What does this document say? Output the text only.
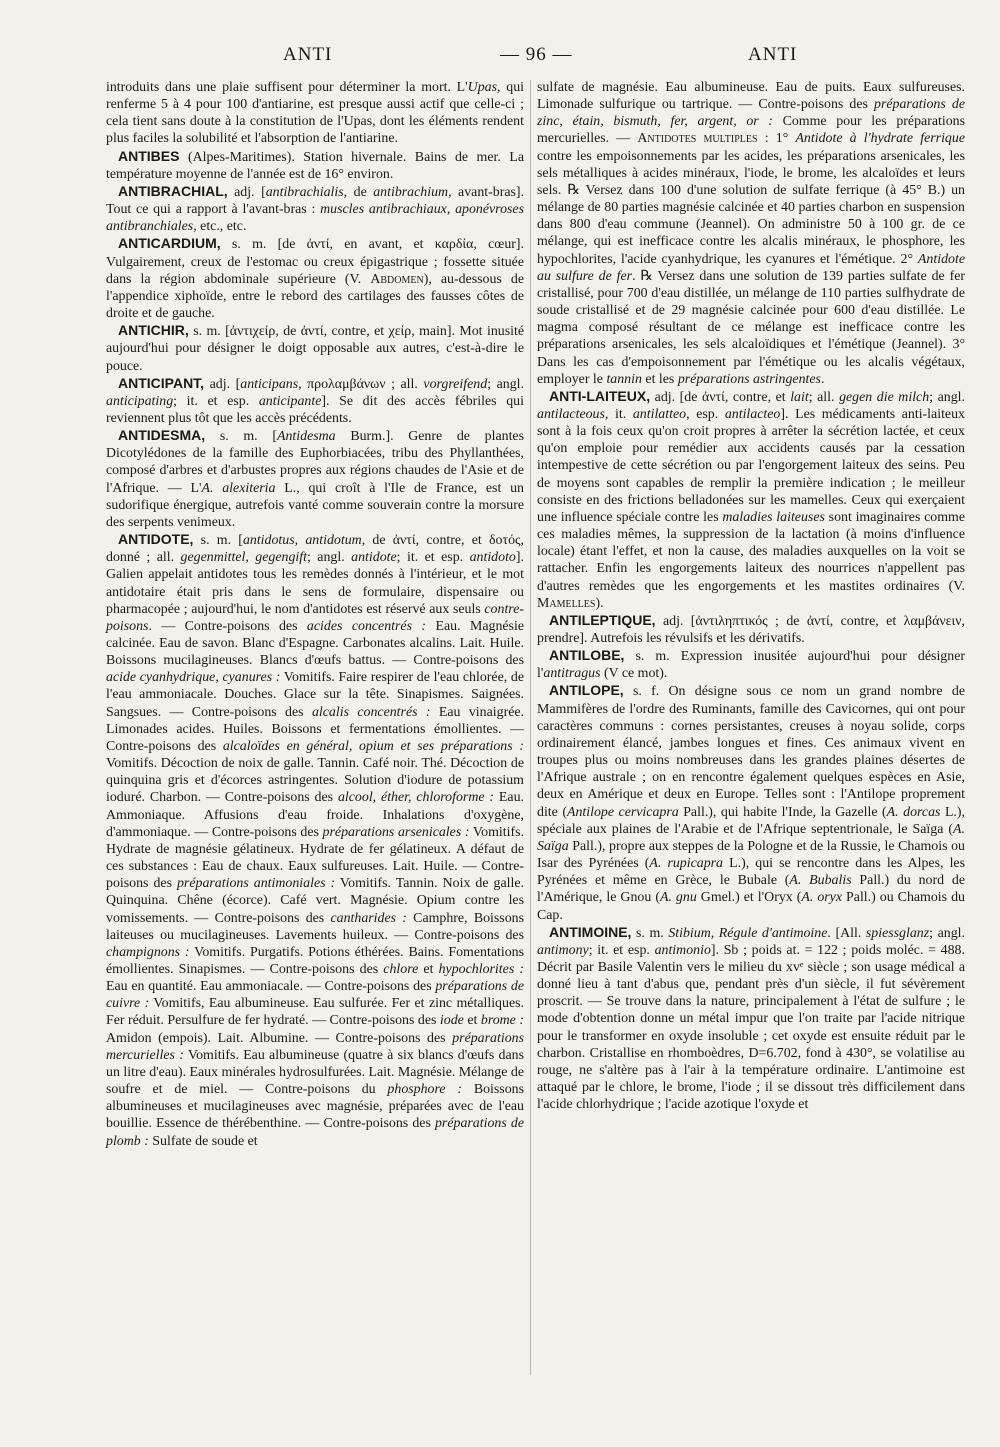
ANTI	— 96 —	ANTI

introduits dans une plaie suffisent pour déterminer la mort. L'Upas, qui renferme 5 à 4 pour 100 d'antiarine, est presque aussi actif que celle-ci ; cela tient sans doute à la constitution de l'Upas, dont les éléments rendent plus faciles la solubilité et l'absorption de l'antiarine.

ANTIBES (Alpes-Maritimes). Station hivernale. Bains de mer. La température moyenne de l'année est de 16° environ.

ANTIBRACHIAL, adj. [antibrachialis, de antibrachium, avant-bras]. Tout ce qui a rapport à l'avant-bras : muscles antibrachiaux, aponévroses antibranchiales, etc., etc.

ANTICARDIUM, s. m. [de ἀντί, en avant, et καρδία, cœur]. Vulgairement, creux de l'estomac ou creux épigastrique ; fossette située dans la région abdominale supérieure (V. Abdomen), au-dessous de l'appendice xiphoïde, entre le rebord des cartilages des fausses côtes de droite et de gauche.

ANTICHIR, s. m. [ἀντιχείρ, de ἀντί, contre, et χείρ, main]. Mot inusité aujourd'hui pour désigner le doigt opposable aux autres, c'est-à-dire le pouce.

ANTICIPANT, adj. [anticipans, προλαμβάνων ; all. vorgreifend; angl. anticipating; it. et esp. anticipante]. Se dit des accès fébriles qui reviennent plus tôt que les accès précédents.

ANTIDESMA, s. m. [Antidesma Burm.]. Genre de plantes Dicotylédones de la famille des Euphorbiacées, tribu des Phyllanthées, composé d'arbres et d'arbustes propres aux régions chaudes de l'Asie et de l'Afrique. — L'A. alexiteria L., qui croît à l'Ile de France, est un sudorifique énergique, autrefois vanté comme souverain contre la morsure des serpents venimeux.

ANTIDOTE, s. m. [antidotus, antidotum, de ἀντί, contre, et δοτός, donné ; all. gegenmittel, gegengift; angl. antidote; it. et esp. antidoto]. Galien appelait antidotes tous les remèdes donnés à l'intérieur, et le mot antidotaire était pris dans le sens de formulaire, dispensaire ou pharmacopée ; aujourd'hui, le nom d'antidotes est réservé aux seuls contre-poisons. — Contre-poisons des acides concentrés : Eau. Magnésie calcinée. Eau de savon. Blanc d'Espagne. Carbonates alcalins. Lait. Huile. Boissons mucilagineuses. Blancs d'œufs battus. — Contre-poisons des acide cyanhydrique, cyanures : Vomitifs. Faire respirer de l'eau chlorée, de l'eau ammoniacale. Douches. Glace sur la tête. Sinapismes. Saignées. Sangsues. — Contre-poisons des alcalis concentrés : Eau vinaigrée. Limonades acides. Huiles. Boissons et fermentations émollientes. — Contre-poisons des alcaloïdes en général, opium et ses préparations : Vomitifs. Décoction de noix de galle. Tannin. Café noir. Thé. Décoction de quinquina gris et d'écorces astringentes. Solution d'iodure de potassium ioduré. Charbon. — Contre-poisons des alcool, éther, chloroforme : Eau. Ammoniaque. Affusions d'eau froide. Inhalations d'oxygène, d'ammoniaque. — Contre-poisons des préparations arsenicales : Vomitifs. Hydrate de magnésie gélatineux. Hydrate de fer gélatineux. A défaut de ces substances : Eau de chaux. Eaux sulfureuses. Lait. Huile. — Contre-poisons des préparations antimoniales : Vomitifs. Tannin. Noix de galle. Quinquina. Chêne (écorce). Café vert. Magnésie. Opium contre les vomissements. — Contre-poisons des cantharides : Camphre, Boissons laiteuses ou mucilagineuses. Lavements huileux. — Contre-poisons des champignons : Vomitifs. Purgatifs. Potions éthérées. Bains. Fomentations émollientes. Sinapismes. — Contre-poisons des chlore et hypochlorites : Eau en quantité. Eau ammoniacale. — Contre-poisons des préparations de cuivre : Vomitifs, Eau albumineuse. Eau sulfurée. Fer et zinc métalliques. Fer réduit. Persulfure de fer hydraté. — Contre-poisons des iode et brome : Amidon (empois). Lait. Albumine. — Contre-poisons des préparations mercurielles : Vomitifs. Eau albumineuse (quatre à six blancs d'œufs dans un litre d'eau). Eaux minérales hydrosulfurées. Lait. Magnésie. Mélange de soufre et de miel. — Contre-poisons du phosphore : Boissons albumineuses et mucilagineuses avec magnésie, préparées avec de l'eau bouillie. Essence de thérébenthine. — Contre-poisons des préparations de plomb : Sulfate de soude et

sulfate de magnésie. Eau albumineuse. Eau de puits. Eaux sulfureuses. Limonade sulfurique ou tartrique. — Contre-poisons des préparations de zinc, étain, bismuth, fer, argent, or : Comme pour les préparations mercurielles. — Antidotes multiples : 1° Antidote à l'hydrate ferrique contre les empoisonnements par les acides, les préparations arsenicales, les sels métalliques à acides minéraux, l'iode, le brome, les alcaloïdes et leurs sels. ℞ Versez dans 100 d'une solution de sulfate ferrique (à 45° B.) un mélange de 80 parties magnésie calcinée et 40 parties charbon en suspension dans 800 d'eau commune (Jeannel). On administre 50 à 100 gr. de ce mélange, qui est inefficace contre les alcalis minéraux, le phosphore, les hypochlorites, l'acide cyanhydrique, les cyanures et l'émétique. 2° Antidote au sulfure de fer. ℞ Versez dans une solution de 139 parties sulfate de fer cristallisé, pour 700 d'eau distillée, un mélange de 110 parties sulfhydrate de soude cristallisé et de 29 magnésie calcinée pour 600 d'eau distillée. Le magma composé résultant de ce mélange est inefficace contre les préparations arsenicales, les sels alcaloïdiques et l'émétique (Jeannel). 3° Dans les cas d'empoisonnement par l'émétique ou les alcalis végétaux, employer le tannin et les préparations astringentes.

ANTI-LAITEUX, adj. [de ἀντί, contre, et lait; all. gegen die milch; angl. antilacteous, it. antilatteo, esp. antilacteo]. Les médicaments anti-laiteux sont à la fois ceux qu'on croit propres à arrêter la sécrétion lactée, et ceux qu'on emploie pour remédier aux accidents causés par la cessation intempestive de cette sécrétion ou par l'engorgement laiteux des seins. Peu de moyens sont capables de remplir la première indication ; le meilleur consiste en des frictions belladonées sur les mamelles. Ceux qui exerçaient une influence spéciale contre les maladies laiteuses sont imaginaires comme ces maladies mêmes, la suppression de la lactation (à moins d'influence locale) étant l'effet, et non la cause, des maladies auxquelles on la voit se rattacher. Enfin les engorgements laiteux des nourrices n'appellent pas d'autres remèdes que les engorgements et les mastites ordinaires (V. Mamelles).

ANTILEPTIQUE, adj. [ἀντιληπτικός ; de ἀντί, contre, et λαμβάνειν, prendre]. Autrefois les révulsifs et les dérivatifs.

ANTILOBE, s. m. Expression inusitée aujourd'hui pour désigner l'antitragus (V ce mot).

ANTILOPE, s. f. On désigne sous ce nom un grand nombre de Mammifères de l'ordre des Ruminants, famille des Cavicornes, qui ont pour caractères communs : cornes persistantes, creuses à noyau solide, corps ordinairement élancé, jambes longues et fines. Ces animaux vivent en troupes plus ou moins nombreuses dans les grandes plaines désertes de l'Afrique australe ; on en rencontre également quelques espèces en Asie, deux en Amérique et deux en Europe. Telles sont : l'Antilope proprement dite (Antilope cervicapra Pall.), qui habite l'Inde, la Gazelle (A. dorcas L.), spéciale aux plaines de l'Arabie et de l'Afrique septentrionale, le Saïga (A. Saïga Pall.), propre aux steppes de la Pologne et de la Russie, le Chamois ou Isar des Pyrénées (A. rupicapra L.), qui se rencontre dans les Alpes, les Pyrénées et même en Grèce, le Bubale (A. Bubalis Pall.) du nord de l'Amérique, le Gnou (A. gnu Gmel.) et l'Oryx (A. oryx Pall.) ou Chamois du Cap.

ANTIMOINE, s. m. Stibium, Régule d'antimoine. [All. spiessglanz; angl. antimony; it. et esp. antimonio]. Sb ; poids at. = 122 ; poids moléc. = 488. Décrit par Basile Valentin vers le milieu du xvᵉ siècle ; son usage médical a donné lieu à tant d'abus que, pendant près d'un siècle, il fut sévèrement proscrit. — Se trouve dans la nature, principalement à l'état de sulfure ; le mode d'obtention donne un métal impur que l'on traite par l'acide nitrique pour le transformer en oxyde insoluble ; cet oxyde est ensuite réduit par le charbon. Cristallise en rhomboèdres, D=6.702, fond à 430°, se volatilise au rouge, ne s'altère pas à l'air à la température ordinaire. L'antimoine est attaqué par le chlore, le brome, l'iode ; il se dissout très difficilement dans l'acide chlorhydrique ; l'acide azotique l'oxyde et
